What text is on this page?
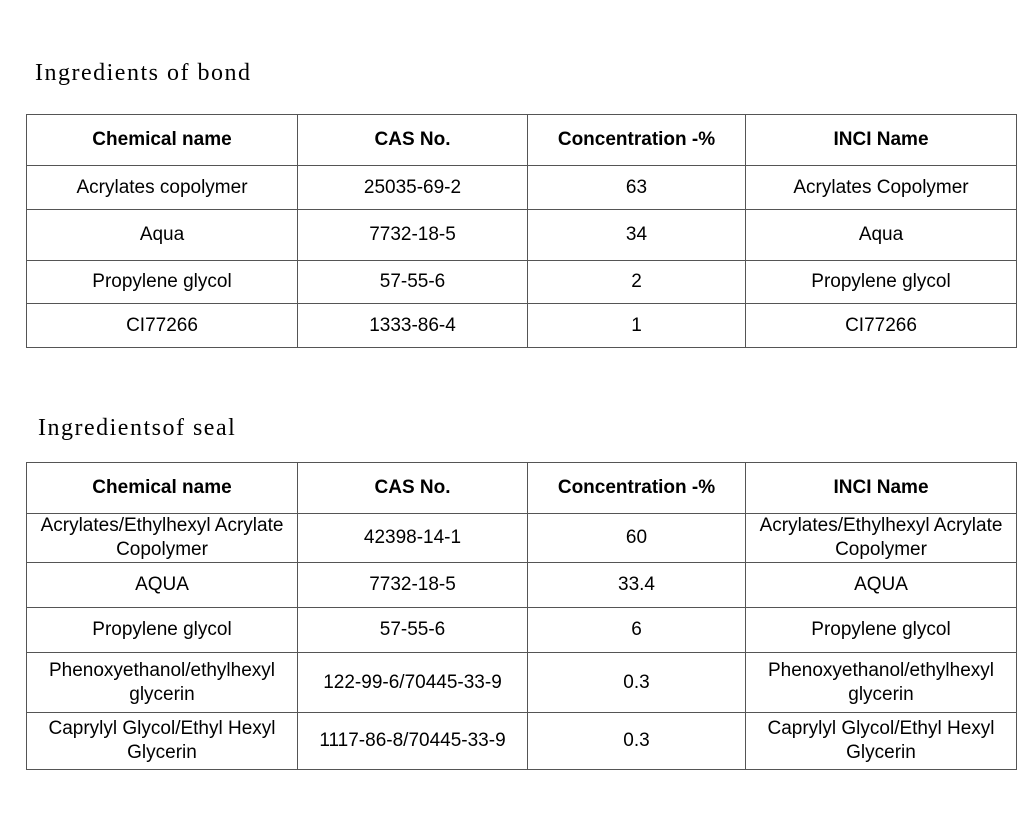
Ingredients of bond
Chemical name	CAS No.	Concentration -%	INCI Name
Acrylates copolymer	25035-69-2	63	Acrylates Copolymer
Aqua	7732-18-5	34	Aqua
Propylene glycol	57-55-6	2	Propylene glycol
CI77266	1333-86-4	1	CI77266
Ingredientsof seal
Chemical name	CAS No.	Concentration -%	INCI Name
Acrylates/Ethylhexyl Acrylate Copolymer	42398-14-1	60	Acrylates/Ethylhexyl Acrylate Copolymer
AQUA	7732-18-5	33.4	AQUA
Propylene glycol	57-55-6	6	Propylene glycol
Phenoxyethanol/ethylhexyl glycerin	122-99-6/70445-33-9	0.3	Phenoxyethanol/ethylhexyl glycerin
Caprylyl Glycol/Ethyl Hexyl Glycerin	1117-86-8/70445-33-9	0.3	Caprylyl Glycol/Ethyl Hexyl Glycerin
